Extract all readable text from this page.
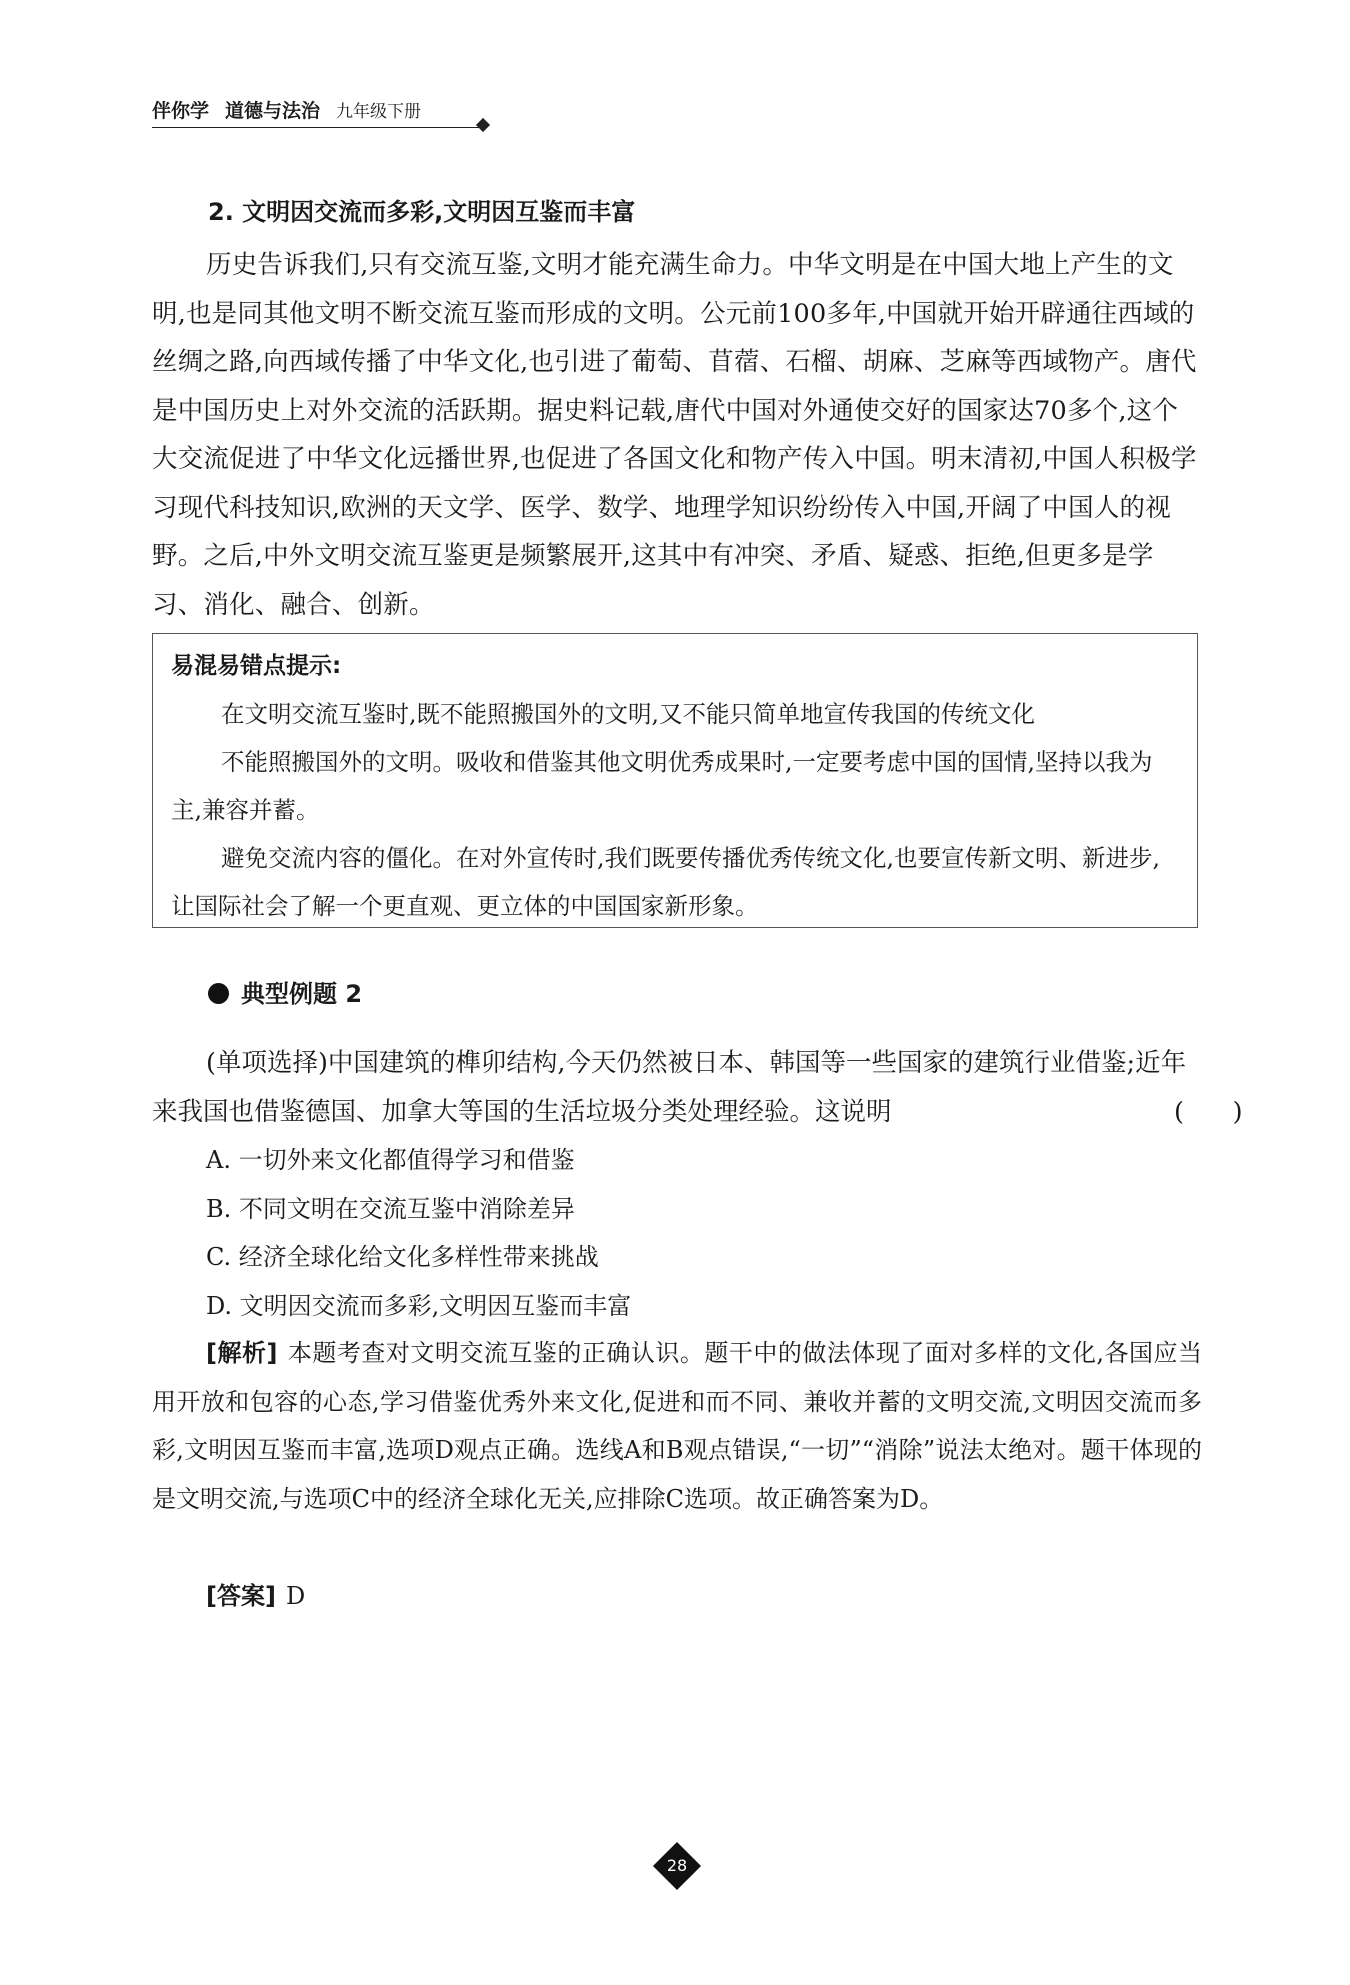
伴你学 道德与法治 九年级下册
2. 文明因交流而多彩,文明因互鉴而丰富

历史告诉我们,只有交流互鉴,文明才能充满生命力。中华文明是在中国大地上产生的文明,也是同其他文明不断交流互鉴而形成的文明。公元前100多年,中国就开始开辟通往西域的丝绸之路,向西域传播了中华文化,也引进了葡萄、苜蓿、石榴、胡麻、芝麻等西域物产。唐代是中国历史上对外交流的活跃期。据史料记载,唐代中国对外通使交好的国家达70多个,这个大交流促进了中华文化远播世界,也促进了各国文化和物产传入中国。明末清初,中国人积极学习现代科技知识,欧洲的天文学、医学、数学、地理学知识纷纷传入中国,开阔了中国人的视野。之后,中外文明交流互鉴更是频繁展开,这其中有冲突、矛盾、疑惑、拒绝,但更多是学习、消化、融合、创新。

易混易错点提示:

在文明交流互鉴时,既不能照搬国外的文明,又不能只简单地宣传我国的传统文化

不能照搬国外的文明。吸收和借鉴其他文明优秀成果时,一定要考虑中国的国情,坚持以我为主,兼容并蓄。

避免交流内容的僵化。在对外宣传时,我们既要传播优秀传统文化,也要宣传新文明、新进步,让国际社会了解一个更直观、更立体的中国国家新形象。

典型例题 2

(单项选择)中国建筑的榫卯结构,今天仍然被日本、韩国等一些国家的建筑行业借鉴;近年来我国也借鉴德国、加拿大等国的生活垃圾分类处理经验。这说明
(      )

A. 一切外来文化都值得学习和借鉴
B. 不同文明在交流互鉴中消除差异
C. 经济全球化给文化多样性带来挑战
D. 文明因交流而多彩,文明因互鉴而丰富

[解析] 本题考查对文明交流互鉴的正确认识。题干中的做法体现了面对多样的文化,各国应当用开放和包容的心态,学习借鉴优秀外来文化,促进和而不同、兼收并蓄的文明交流,文明因交流而多彩,文明因互鉴而丰富,选项D观点正确。选线A和B观点错误,“一切”“消除”说法太绝对。题干体现的是文明交流,与选项C中的经济全球化无关,应排除C选项。故正确答案为D。

[答案] D
28
